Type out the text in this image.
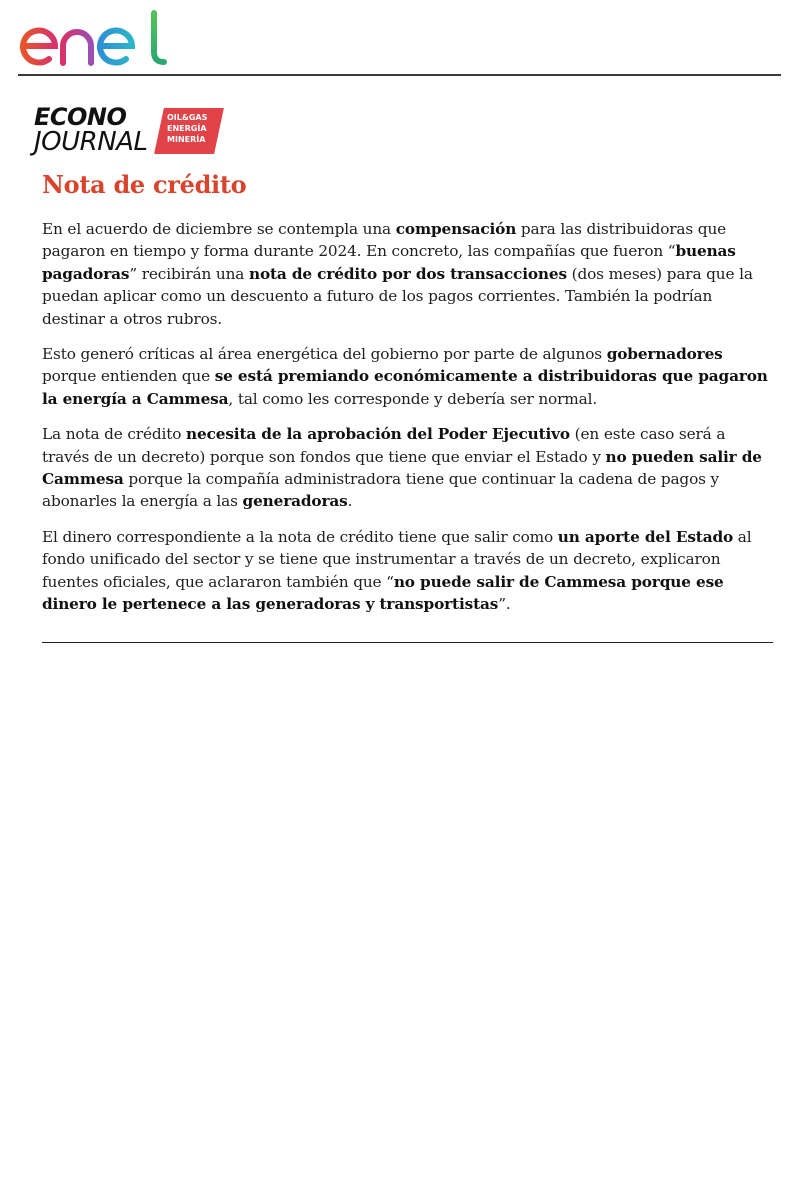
ECONO
JOURNAL
OIL&GAS
ENERGÍA
MINERÍA
Nota de crédito

En el acuerdo de diciembre se contempla una compensación para las distribuidoras que pagaron en tiempo y forma durante 2024. En concreto, las compañías que fueron “buenas pagadoras” recibirán una nota de crédito por dos transacciones (dos meses) para que la puedan aplicar como un descuento a futuro de los pagos corrientes. También la podrían destinar a otros rubros.

Esto generó críticas al área energética del gobierno por parte de algunos gobernadores porque entienden que se está premiando económicamente a distribuidoras que pagaron la energía a Cammesa, tal como les corresponde y debería ser normal.

La nota de crédito necesita de la aprobación del Poder Ejecutivo (en este caso será a través de un decreto) porque son fondos que tiene que enviar el Estado y no pueden salir de Cammesa porque la compañía administradora tiene que continuar la cadena de pagos y abonarles la energía a las generadoras.

El dinero correspondiente a la nota de crédito tiene que salir como un aporte del Estado al fondo unificado del sector y se tiene que instrumentar a través de un decreto, explicaron fuentes oficiales, que aclararon también que “no puede salir de Cammesa porque ese dinero le pertenece a las generadoras y transportistas”.
